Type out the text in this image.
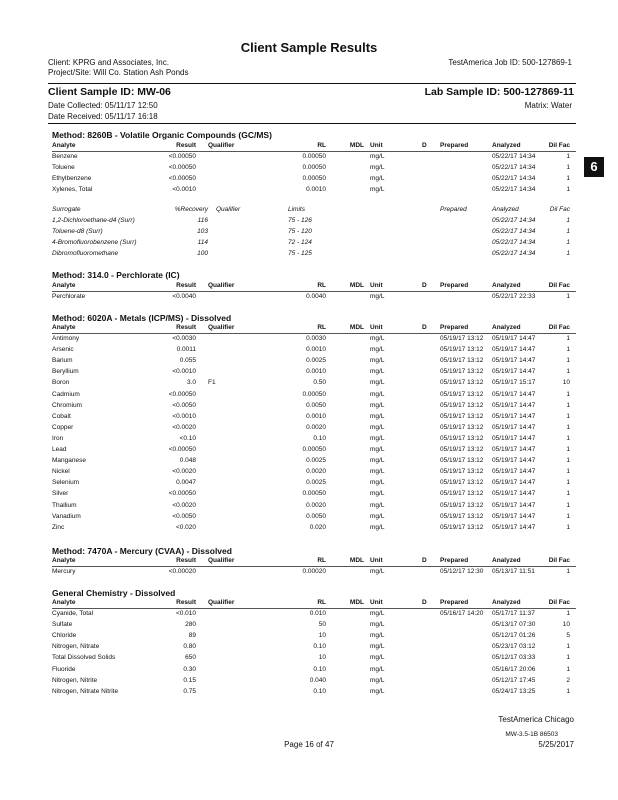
Client Sample Results
Client: KPRG and Associates, Inc.
Project/Site: Will Co. Station Ash Ponds
TestAmerica Job ID: 500-127869-1
Client Sample ID: MW-06	Lab Sample ID: 500-127869-11
Date Collected: 05/11/17 12:50	Matrix: Water
Date Received: 05/11/17 16:18
6
Method: 8260B - Volatile Organic Compounds (GC/MS)
Analyte	Result Qualifier	RL	MDL Unit	D Prepared	Analyzed	Dil Fac
Benzene	<0.00050	0.00050	mg/L	05/22/17 14:34	1
Toluene	<0.00050	0.00050	mg/L	05/22/17 14:34	1
Ethylbenzene	<0.00050	0.00050	mg/L	05/22/17 14:34	1
Xylenes, Total	<0.0010	0.0010	mg/L	05/22/17 14:34	1
Surrogate	%Recovery Qualifier	Limits	Prepared	Analyzed	Dil Fac
1,2-Dichloroethane-d4 (Surr)	116	75 - 126	05/22/17 14:34	1
Toluene-d8 (Surr)	103	75 - 120	05/22/17 14:34	1
4-Bromofluorobenzene (Surr)	114	72 - 124	05/22/17 14:34	1
Dibromofluoromethane	100	75 - 125	05/22/17 14:34	1
Method: 314.0 - Perchlorate (IC)
Analyte	Result Qualifier	RL	MDL Unit	D Prepared	Analyzed	Dil Fac
Perchlorate	<0.0040	0.0040	mg/L	05/22/17 22:33	1
Method: 6020A - Metals (ICP/MS) - Dissolved
Analyte	Result Qualifier	RL	MDL Unit	D Prepared	Analyzed	Dil Fac
Antimony	<0.0030	0.0030	mg/L	05/19/17 13:12 05/19/17 14:47	1
Arsenic	0.0011	0.0010	mg/L	05/19/17 13:12 05/19/17 14:47	1
Barium	0.055	0.0025	mg/L	05/19/17 13:12 05/19/17 14:47	1
Beryllium	<0.0010	0.0010	mg/L	05/19/17 13:12 05/19/17 14:47	1
Boron	3.0 F1	0.50	mg/L	05/19/17 13:12 05/19/17 15:17	10
Cadmium	<0.00050	0.00050	mg/L	05/19/17 13:12 05/19/17 14:47	1
Chromium	<0.0050	0.0050	mg/L	05/19/17 13:12 05/19/17 14:47	1
Cobalt	<0.0010	0.0010	mg/L	05/19/17 13:12 05/19/17 14:47	1
Copper	<0.0020	0.0020	mg/L	05/19/17 13:12 05/19/17 14:47	1
Iron	<0.10	0.10	mg/L	05/19/17 13:12 05/19/17 14:47	1
Lead	<0.00050	0.00050	mg/L	05/19/17 13:12 05/19/17 14:47	1
Manganese	0.048	0.0025	mg/L	05/19/17 13:12 05/19/17 14:47	1
Nickel	<0.0020	0.0020	mg/L	05/19/17 13:12 05/19/17 14:47	1
Selenium	0.0047	0.0025	mg/L	05/19/17 13:12 05/19/17 14:47	1
Silver	<0.00050	0.00050	mg/L	05/19/17 13:12 05/19/17 14:47	1
Thallium	<0.0020	0.0020	mg/L	05/19/17 13:12 05/19/17 14:47	1
Vanadium	<0.0050	0.0050	mg/L	05/19/17 13:12 05/19/17 14:47	1
Zinc	<0.020	0.020	mg/L	05/19/17 13:12 05/19/17 14:47	1
Method: 7470A - Mercury (CVAA) - Dissolved
Analyte	Result Qualifier	RL	MDL Unit	D Prepared	Analyzed	Dil Fac
Mercury	<0.00020	0.00020	mg/L	05/12/17 12:30 05/13/17 11:51	1
General Chemistry - Dissolved
Analyte	Result Qualifier	RL	MDL Unit	D Prepared	Analyzed	Dil Fac
Cyanide, Total	<0.010	0.010	mg/L	05/16/17 14:20 05/17/17 11:37	1
Sulfate	280	50	mg/L	05/13/17 07:30	10
Chloride	89	10	mg/L	05/12/17 01:26	5
Nitrogen, Nitrate	0.80	0.10	mg/L	05/23/17 03:12	1
Total Dissolved Solids	650	10	mg/L	05/12/17 03:33	1
Fluoride	0.30	0.10	mg/L	05/16/17 20:06	1
Nitrogen, Nitrite	0.15	0.040	mg/L	05/12/17 17:45	2
Nitrogen, Nitrate Nitrite	0.75	0.10	mg/L	05/24/17 13:25	1
TestAmerica Chicago
MW-3.5-1B 86503
Page 16 of 47	5/25/2017
